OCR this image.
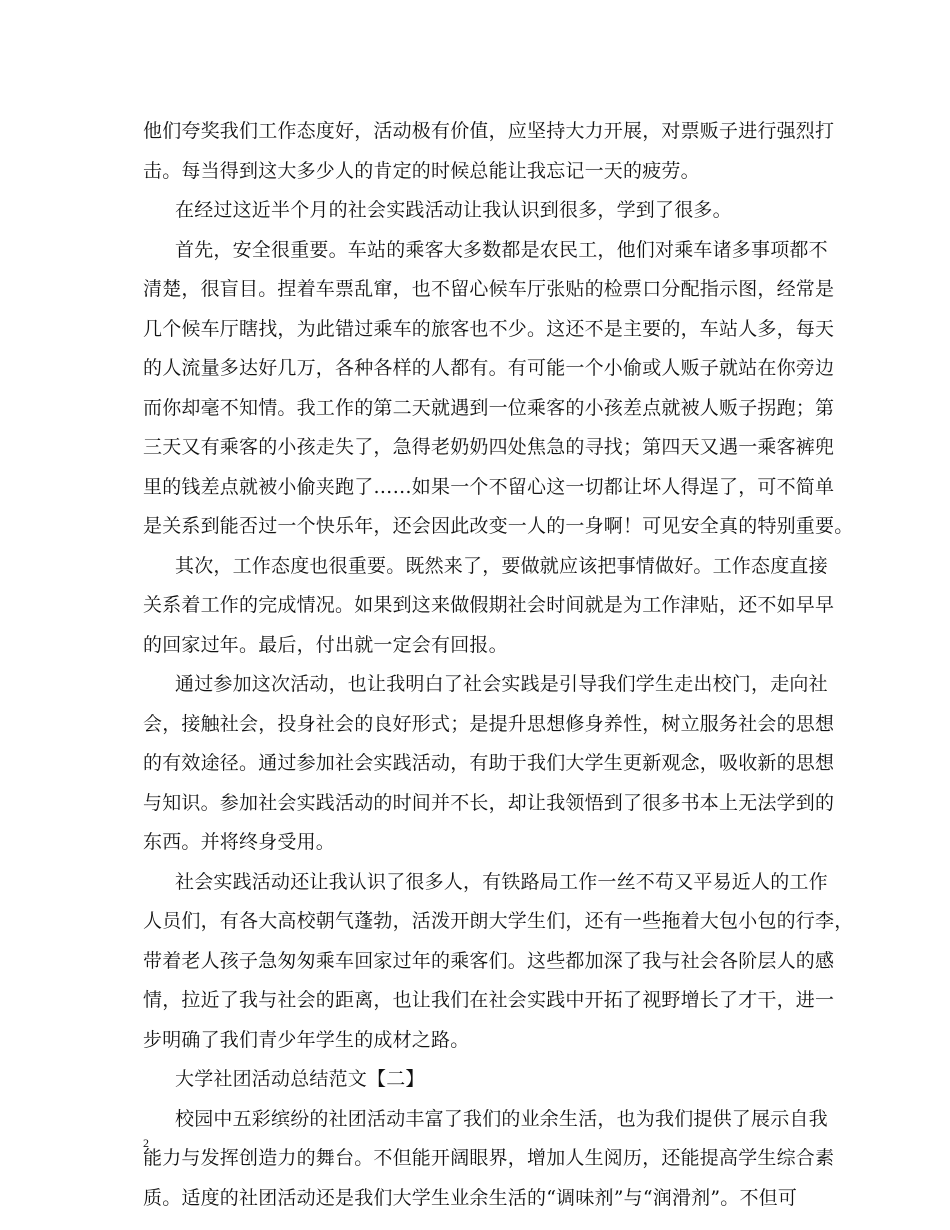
他们夸奖我们工作态度好，活动极有价值，应坚持大力开展，对票贩子进行强烈打
击。每当得到这大多少人的肯定的时候总能让我忘记一天的疲劳。
在经过这近半个月的社会实践活动让我认识到很多，学到了很多。
首先，安全很重要。车站的乘客大多数都是农民工，他们对乘车诸多事项都不
清楚，很盲目。捏着车票乱窜，也不留心候车厅张贴的检票口分配指示图，经常是
几个候车厅瞎找，为此错过乘车的旅客也不少。这还不是主要的，车站人多，每天
的人流量多达好几万，各种各样的人都有。有可能一个小偷或人贩子就站在你旁边
而你却毫不知情。我工作的第二天就遇到一位乘客的小孩差点就被人贩子拐跑；第
三天又有乘客的小孩走失了，急得老奶奶四处焦急的寻找；第四天又遇一乘客裤兜
里的钱差点就被小偷夹跑了……如果一个不留心这一切都让坏人得逞了，可不简单
是关系到能否过一个快乐年，还会因此改变一人的一身啊！可见安全真的特别重要。
其次，工作态度也很重要。既然来了，要做就应该把事情做好。工作态度直接
关系着工作的完成情况。如果到这来做假期社会时间就是为工作津贴，还不如早早
的回家过年。最后，付出就一定会有回报。
通过参加这次活动，也让我明白了社会实践是引导我们学生走出校门，走向社
会，接触社会，投身社会的良好形式；是提升思想修身养性，树立服务社会的思想
的有效途径。通过参加社会实践活动，有助于我们大学生更新观念，吸收新的思想
与知识。参加社会实践活动的时间并不长，却让我领悟到了很多书本上无法学到的
东西。并将终身受用。
社会实践活动还让我认识了很多人，有铁路局工作一丝不苟又平易近人的工作
人员们，有各大高校朝气蓬勃，活泼开朗大学生们，还有一些拖着大包小包的行李，
带着老人孩子急匆匆乘车回家过年的乘客们。这些都加深了我与社会各阶层人的感
情，拉近了我与社会的距离，也让我们在社会实践中开拓了视野增长了才干，进一
步明确了我们青少年学生的成材之路。
大学社团活动总结范文【二】
校园中五彩缤纷的社团活动丰富了我们的业余生活，也为我们提供了展示自我
能力与发挥创造力的舞台。不但能开阔眼界，增加人生阅历，还能提高学生综合素
质。适度的社团活动还是我们大学生业余生活的“调味剂”与“润滑剂”。不但可
2
